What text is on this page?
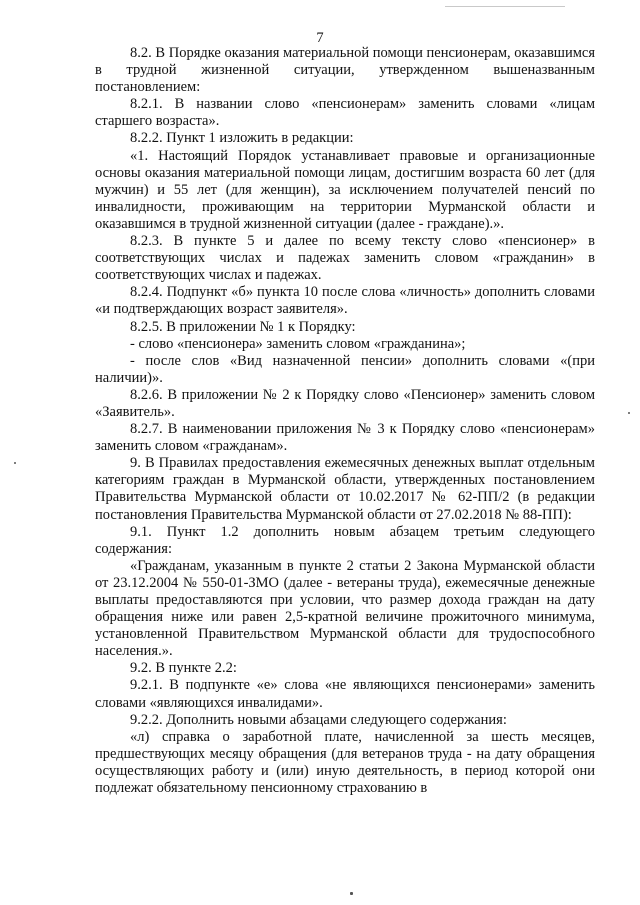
7

8.2. В Порядке оказания материальной помощи пенсионерам, оказавшимся в трудной жизненной ситуации, утвержденном вышеназванным постановлением:

8.2.1. В названии слово «пенсионерам» заменить словами «лицам старшего возраста».

8.2.2. Пункт 1 изложить в редакции:

«1. Настоящий Порядок устанавливает правовые и организационные основы оказания материальной помощи лицам, достигшим возраста 60 лет (для мужчин) и 55 лет (для женщин), за исключением получателей пенсий по инвалидности, проживающим на территории Мурманской области и оказавшимся в трудной жизненной ситуации (далее - граждане).».

8.2.3. В пункте 5 и далее по всему тексту слово «пенсионер» в соответствующих числах и падежах заменить словом «гражданин» в соответствующих числах и падежах.

8.2.4. Подпункт «б» пункта 10 после слова «личность» дополнить словами «и подтверждающих возраст заявителя».

8.2.5. В приложении № 1 к Порядку:

- слово «пенсионера» заменить словом «гражданина»;

- после слов «Вид назначенной пенсии» дополнить словами «(при наличии)».

8.2.6. В приложении № 2 к Порядку слово «Пенсионер» заменить словом «Заявитель».

8.2.7. В наименовании приложения № 3 к Порядку слово «пенсионерам» заменить словом «гражданам».

9. В Правилах предоставления ежемесячных денежных выплат отдельным категориям граждан в Мурманской области, утвержденных постановлением Правительства Мурманской области от 10.02.2017 № 62-ПП/2 (в редакции постановления Правительства Мурманской области от 27.02.2018 № 88-ПП):

9.1. Пункт 1.2 дополнить новым абзацем третьим следующего содержания:

«Гражданам, указанным в пункте 2 статьи 2 Закона Мурманской области от 23.12.2004 № 550-01-ЗМО (далее - ветераны труда), ежемесячные денежные выплаты предоставляются при условии, что размер дохода граждан на дату обращения ниже или равен 2,5-кратной величине прожиточного минимума, установленной Правительством Мурманской области для трудоспособного населения.».

9.2. В пункте 2.2:

9.2.1. В подпункте «е» слова «не являющихся пенсионерами» заменить словами «являющихся инвалидами».

9.2.2. Дополнить новыми абзацами следующего содержания:

«л) справка о заработной плате, начисленной за шесть месяцев, предшествующих месяцу обращения (для ветеранов труда - на дату обращения осуществляющих работу и (или) иную деятельность, в период которой они подлежат обязательному пенсионному страхованию в
